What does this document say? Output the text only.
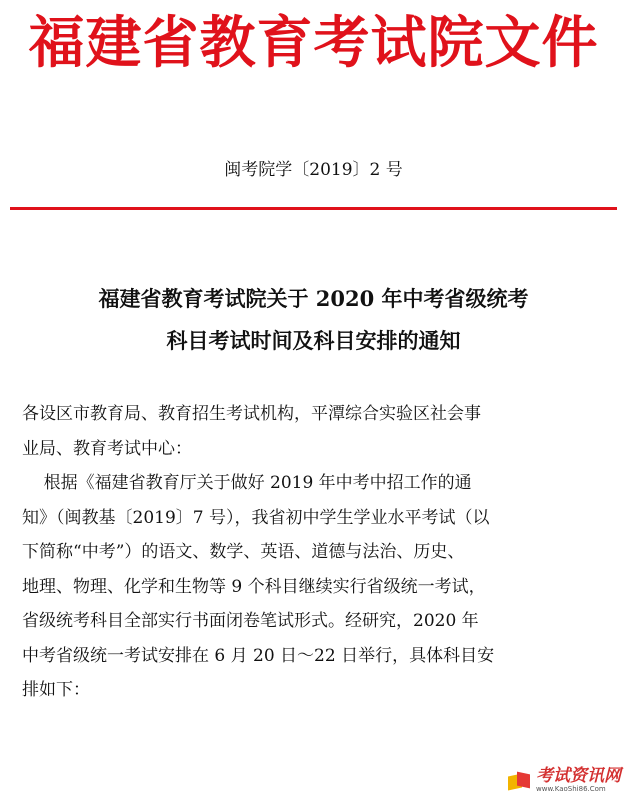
福建省教育考试院文件
闽考院学〔2019〕2 号
福建省教育考试院关于 2020 年中考省级统考
科目考试时间及科目安排的通知

各设区市教育局、教育招生考试机构，平潭综合实验区社会事

业局、教育考试中心：

根据《福建省教育厅关于做好 2019 年中考中招工作的通

知》（闽教基〔2019〕7 号），我省初中学生学业水平考试（以

下简称“中考”）的语文、数学、英语、道德与法治、历史、

地理、物理、化学和生物等 9 个科目继续实行省级统一考试，

省级统考科目全部实行书面闭卷笔试形式。经研究，2020 年

中考省级统一考试安排在 6 月 20 日～22 日举行，具体科目安

排如下：

考试资讯网
www.KaoShi86.Com
